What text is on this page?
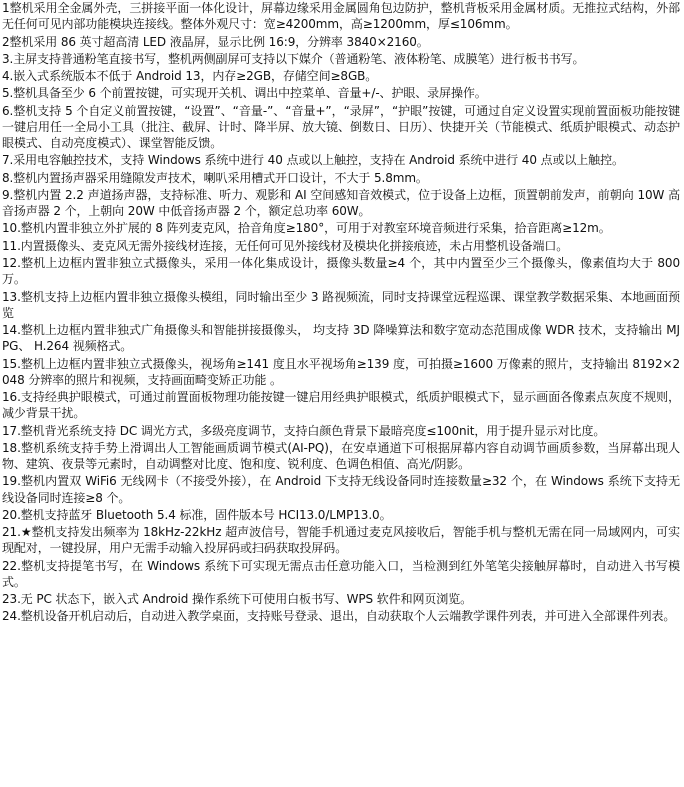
1整机采用全金属外壳，三拼接平面一体化设计，屏幕边缘采用金属圆角包边防护，整机背板采用金属材质。无推拉式结构，外部无任何可见内部功能模块连接线。整体外观尺寸：宽≥4200mm，高≥1200mm，厚≤106mm。

2整机采用 86 英寸超高清 LED 液晶屏，显示比例 16:9，分辨率 3840×2160。

3.主屏支持普通粉笔直接书写，整机两侧副屏可支持以下媒介（普通粉笔、液体粉笔、成膜笔）进行板书书写。

4.嵌入式系统版本不低于 Android 13，内存≥2GB，存储空间≥8GB。

5.整机具备至少 6 个前置按键，可实现开关机、调出中控菜单、音量+/-、护眼、录屏操作。

6.整机支持 5 个自定义前置按键，“设置”、“音量-”、“音量+”，“录屏”，“护眼”按键，可通过自定义设置实现前置面板功能按键一键启用任一全局小工具（批注、截屏、计时、降半屏、放大镜、倒数日、日历）、快捷开关（节能模式、纸质护眼模式、动态护眼模式、自动亮度模式）、课堂智能反馈。

7.采用电容触控技术，支持 Windows 系统中进行 40 点或以上触控，支持在 Android 系统中进行 40 点或以上触控。

8.整机内置扬声器采用缝隙发声技术，喇叭采用槽式开口设计，不大于 5.8mm。

9.整机内置 2.2 声道扬声器，支持标准、听力、观影和 AI 空间感知音效模式，位于设备上边框，顶置朝前发声，前朝向 10W 高音扬声器 2 个，上朝向 20W 中低音扬声器 2 个，额定总功率 60W。

10.整机内置非独立外扩展的 8 阵列麦克风，拾音角度≥180°，可用于对教室环境音频进行采集，拾音距离≥12m。

11.内置摄像头、麦克风无需外接线材连接，无任何可见外接线材及模块化拼接痕迹，未占用整机设备端口。

12.整机上边框内置非独立式摄像头，采用一体化集成设计，摄像头数量≥4 个，其中内置至少三个摄像头，像素值均大于 800 万。

13.整机支持上边框内置非独立摄像头模组，同时输出至少 3 路视频流，同时支持课堂远程巡课、课堂教学数据采集、本地画面预览

14.整机上边框内置非独式广角摄像头和智能拼接摄像头， 均支持 3D 降噪算法和数字宽动态范围成像 WDR 技术，支持输出 MJPG、 H.264 视频格式。

15.整机上边框内置非独立式摄像头，视场角≥141 度且水平视场角≥139 度，可拍摄≥1600 万像素的照片，支持输出 8192×2048 分辨率的照片和视频，支持画面畸变矫正功能 。

16.支持经典护眼模式，可通过前置面板物理功能按键一键启用经典护眼模式，纸质护眼模式下，显示画面各像素点灰度不规则，减少背景干扰。

17.整机背光系统支持 DC 调光方式，多级亮度调节，支持白颜色背景下最暗亮度≤100nit，用于提升显示对比度。

18.整机系统支持手势上滑调出人工智能画质调节模式(AI-PQ)，在安卓通道下可根据屏幕内容自动调节画质参数，当屏幕出现人物、建筑、夜景等元素时，自动调整对比度、饱和度、锐利度、色调色相值、高光/阴影。

19.整机内置双 WiFi6 无线网卡（不接受外接），在 Android 下支持无线设备同时连接数量≥32 个，在 Windows 系统下支持无线设备同时连接≥8 个。

20.整机支持蓝牙 Bluetooth 5.4 标准，固件版本号 HCI13.0/LMP13.0。

21.★整机支持发出频率为 18kHz-22kHz 超声波信号，智能手机通过麦克风接收后，智能手机与整机无需在同一局域网内，可实现配对，一键投屏，用户无需手动输入投屏码或扫码获取投屏码。

22.整机支持提笔书写，在 Windows 系统下可实现无需点击任意功能入口，当检测到红外笔笔尖接触屏幕时，自动进入书写模式。

23.无 PC 状态下，嵌入式 Android 操作系统下可使用白板书写、WPS 软件和网页浏览。

24.整机设备开机启动后，自动进入教学桌面，支持账号登录、退出，自动获取个人云端教学课件列表，并可进入全部课件列表。
